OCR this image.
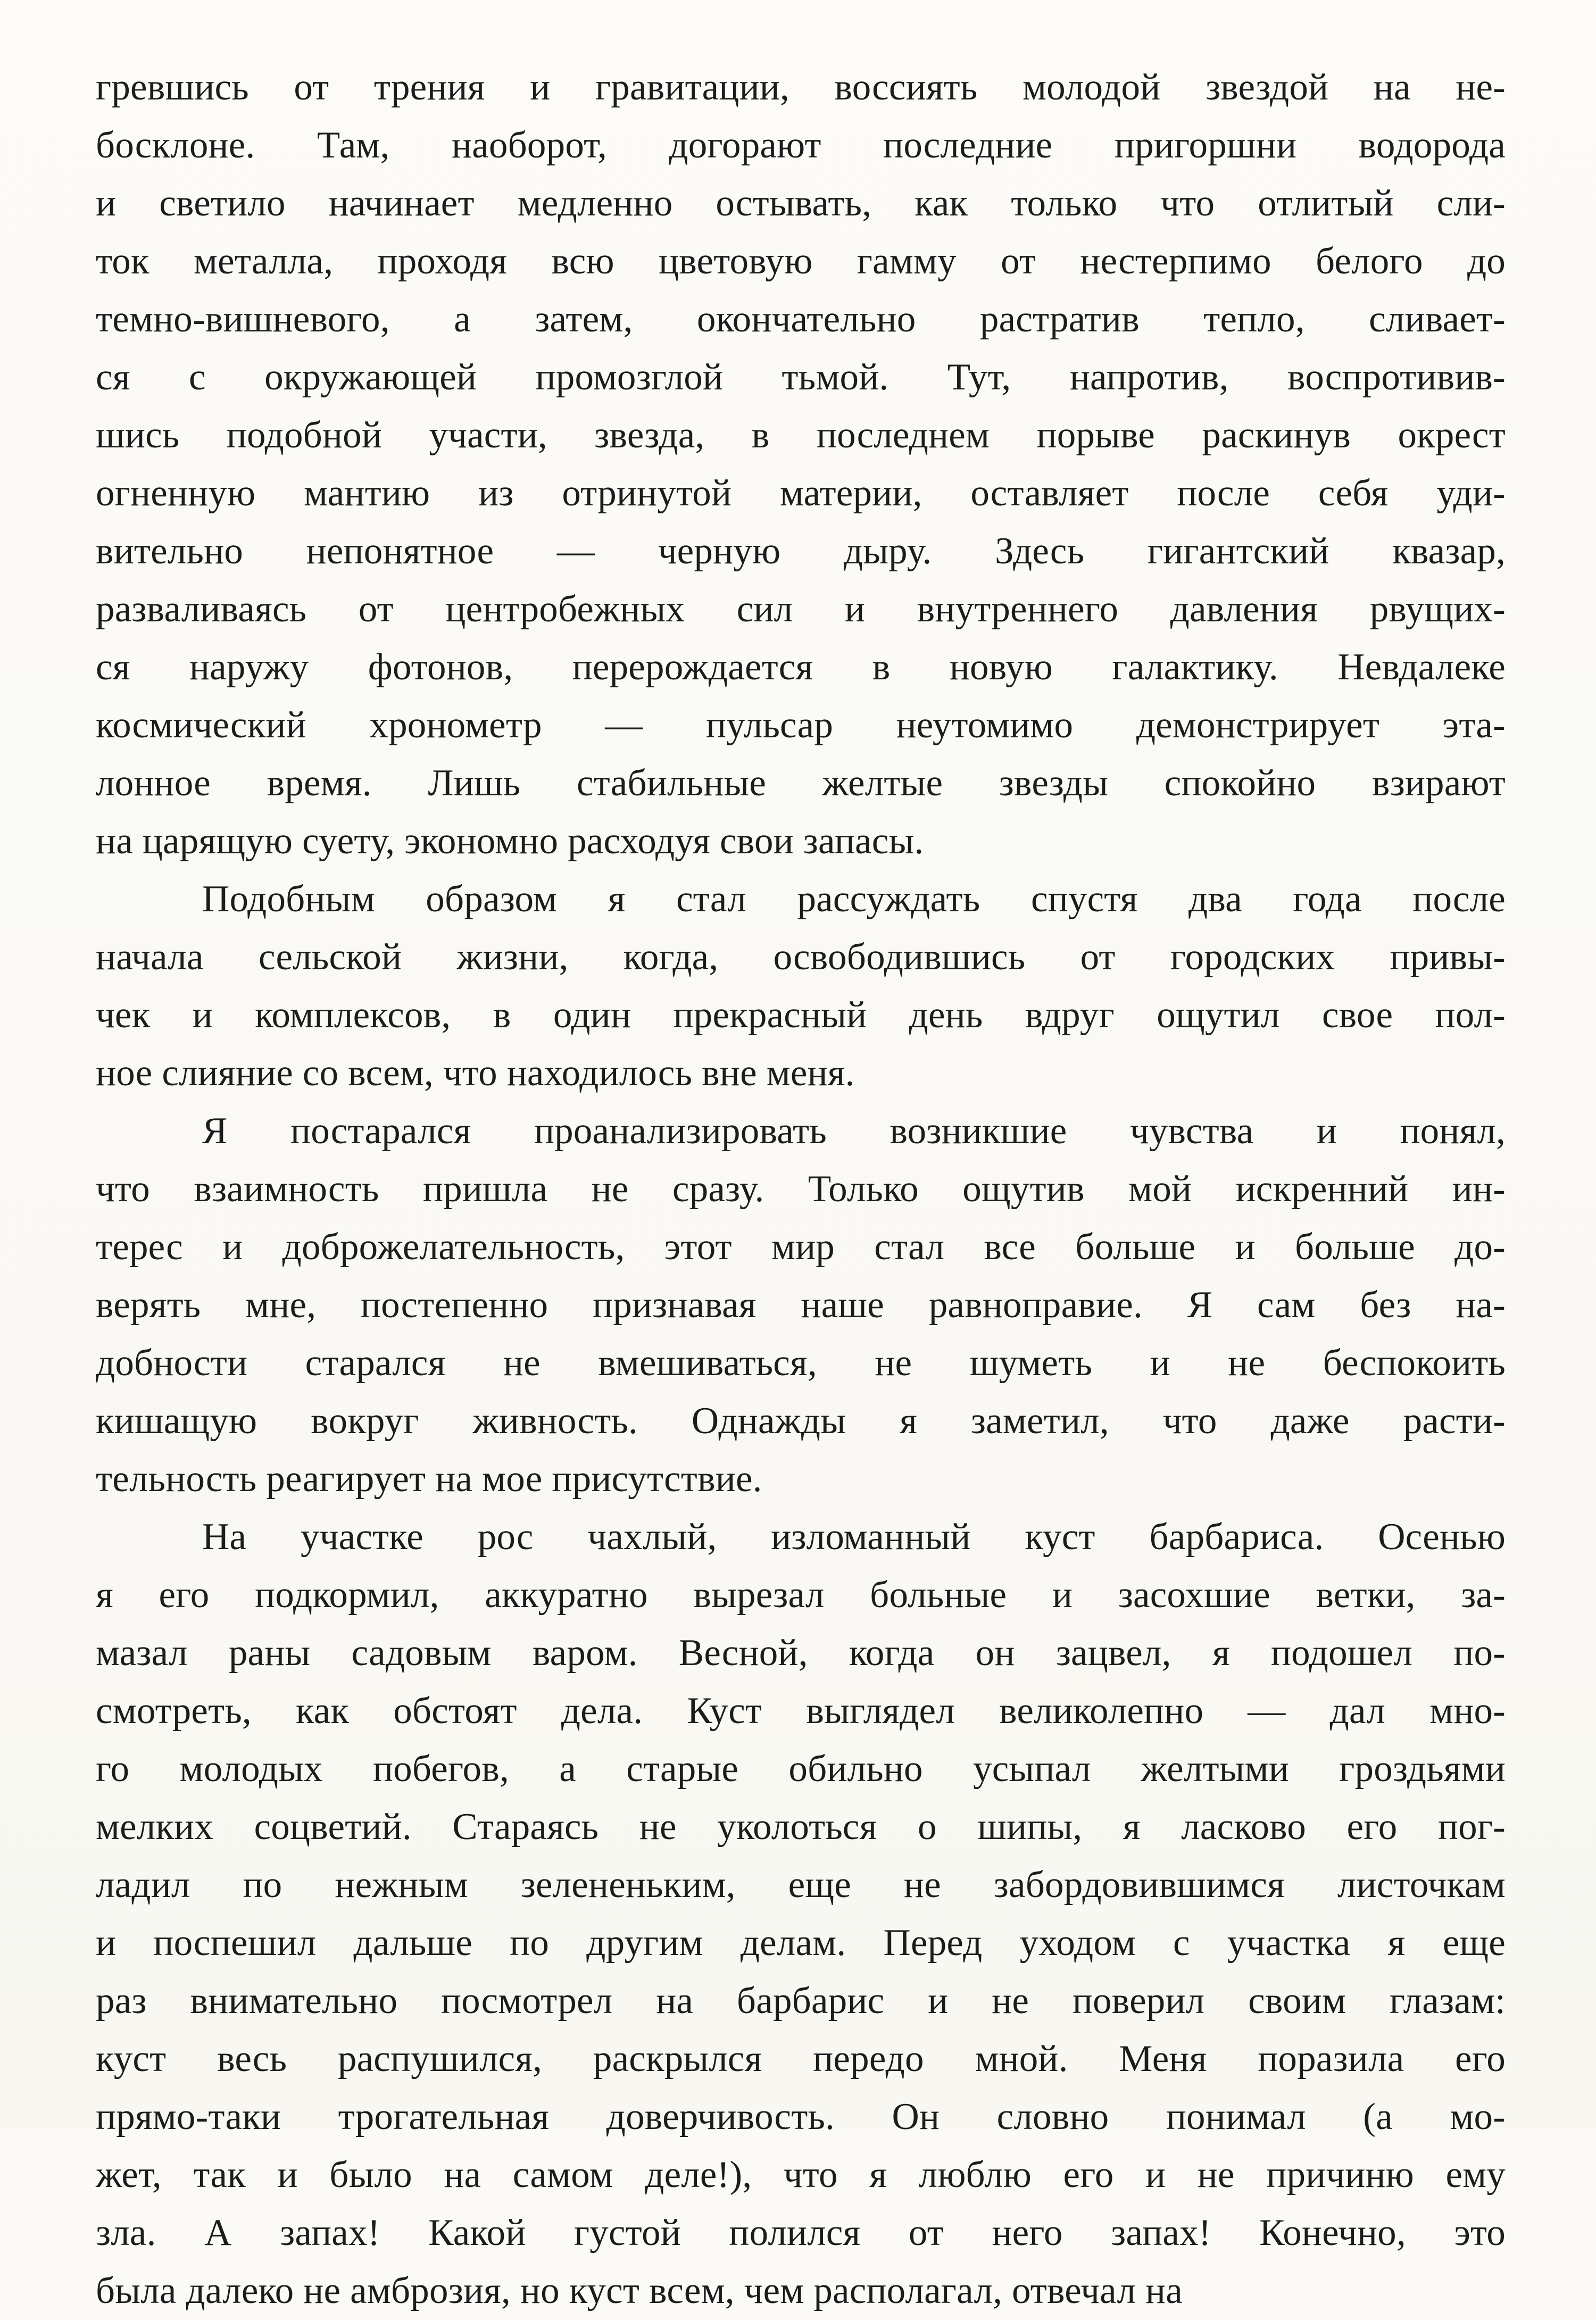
гревшись от трения и гравитации, воссиять молодой звездой на не-
босклоне. Там, наоборот, догорают последние пригоршни водорода
и светило начинает медленно остывать, как только что отлитый сли-
ток металла, проходя всю цветовую гамму от нестерпимо белого до
темно-вишневого, а затем, окончательно растратив тепло, сливает-
ся с окружающей промозглой тьмой. Тут, напротив, воспротивив-
шись подобной участи, звезда, в последнем порыве раскинув окрест
огненную мантию из отринутой материи, оставляет после себя уди-
вительно непонятное — черную дыру. Здесь гигантский квазар,
разваливаясь от центробежных сил и внутреннего давления рвущих-
ся наружу фотонов, перерождается в новую галактику. Невдалеке
космический хронометр — пульсар неутомимо демонстрирует эта-
лонное время. Лишь стабильные желтые звезды спокойно взирают
на царящую суету, экономно расходуя свои запасы.
Подобным образом я стал рассуждать спустя два года после
начала сельской жизни, когда, освободившись от городских привы-
чек и комплексов, в один прекрасный день вдруг ощутил свое пол-
ное слияние со всем, что находилось вне меня.
Я постарался проанализировать возникшие чувства и понял,
что взаимность пришла не сразу. Только ощутив мой искренний ин-
терес и доброжелательность, этот мир стал все больше и больше до-
верять мне, постепенно признавая наше равноправие. Я сам без на-
добности старался не вмешиваться, не шуметь и не беспокоить
кишащую вокруг живность. Однажды я заметил, что даже расти-
тельность реагирует на мое присутствие.
На участке рос чахлый, изломанный куст барбариса. Осенью
я его подкормил, аккуратно вырезал больные и засохшие ветки, за-
мазал раны садовым варом. Весной, когда он зацвел, я подошел по-
смотреть, как обстоят дела. Куст выглядел великолепно — дал мно-
го молодых побегов, а старые обильно усыпал желтыми гроздьями
мелких соцветий. Стараясь не уколоться о шипы, я ласково его пог-
ладил по нежным зелененьким, еще не забордовившимся листочкам
и поспешил дальше по другим делам. Перед уходом с участка я еще
раз внимательно посмотрел на барбарис и не поверил своим глазам:
куст весь распушился, раскрылся передо мной. Меня поразила его
прямо-таки трогательная доверчивость. Он словно понимал (а мо-
жет, так и было на самом деле!), что я люблю его и не причиню ему
зла. А запах! Какой густой полился от него запах! Конечно, это
была далеко не амброзия, но куст всем, чем располагал, отвечал на
